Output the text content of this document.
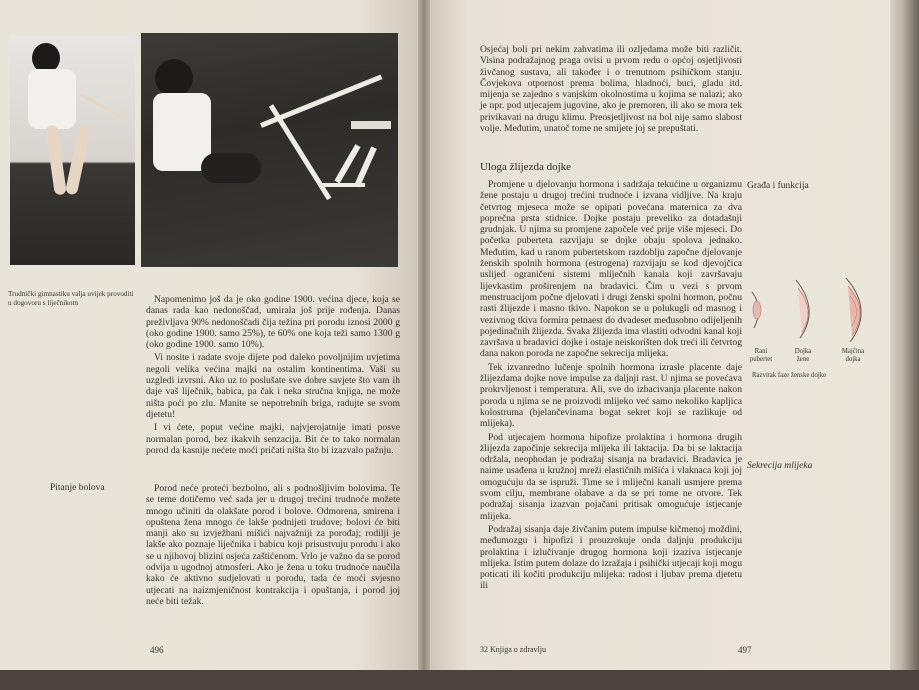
Trudnički gimnastiku valja uvijek provoditi u dogovoru s liječnikom	Napomenimo još da je oko godine 1900. većina djece, koja se danas rada kao nedonoščad, umirala još prije rođenja. Danas preživljava 90% nedonoščadi čija težina pri porodu iznosi 2000 g (oko godine 1900. samo 25%), te 60% one koja teži samo 1300 g (oko godine 1900. samo 10%).

Vi nosite i radate svoje dijete pod daleko povoljnijim uvjetima negoli velika većina majki na ostalim kontinentima. Vaši su uzgledi izvrsni. Ako uz to poslušate sve dobre savjete što vam ih daje vaš liječnik, babica, pa čak i neka stručna knjiga, ne može ništa poći po zlu. Manite se nepotrebnih briga, radujte se svom djetetu!

I vi ćete, poput većine majki, najvjerojatnije imati posve normalan porod, bez ikakvih senzacija. Bit će to tako normalan porod da kasnije nećete moći pričati ništa što bi izazvalo pažnju.

Pitanje bolova	Porod neće proteći bezbolno, ali s podnošljivim bolovima. Te se teme dotičemo već sada jer u drugoj trećini trudnoće možete mnogo učiniti da olakšate porod i bolove. Odmorena, smirena i opuštena žena mnogo će lakše podnijeti trudove; bolovi će biti manji ako su izvježbani mišići najvažniji za porođaj; rodilji je lakše ako poznaje liječnika i babicu koji prisustvuju porodu i ako se u njihovoj blizini osjeća zaštićenom. Vrlo je važno da se porod odvija u ugodnoj atmosferi. Ako je žena u toku trudnoće naučila kako će aktivno sudjelovati u porodu, tada će moći svjesno utjecati na naizmjeničnost kontrakcija i opuštanja, i porod joj neće biti težak.

496

Osjećaj boli pri nekim zahvatima ili ozljedama može biti različit. Visina podražajnog praga ovisi u prvom redu o općoj osjetljivosti živčanog sustava, ali također i o trenutnom psihičkom stanju. Čovjekova otpornost prema bolima, hladnoći, buci, gladu itd. mijenja se zajedno s vanjskim okolnostima u kojima se nalazi; ako je npr. pod utjecajem jugovine, ako je premoren, ili ako se mora tek privikavati na drugu klimu. Preosjetljivost na bol nije samo slabost volje. Međutim, unatoč tome ne smijete joj se prepuštati.

Uloga žlijezda dojke

Promjene u djelovanju hormona i sadržaja tekućine u organizmu žene postaju u drugoj trećini trudnoće i izvana vidljive. Na kraju četvrtog mjeseca može se opipati povećana maternica za dva poprečna prsta stidnice. Dojke postaju preveliko za dotadašnji grudnjak. U njima su promjene započele već prije više mjeseci. Do početka puberteta razvijaju se dojke obaju spolova jednako. Međutim, kad u ranom pubertetskom razdoblju započne djelovanje ženskih spolnih hormona (estrogena) razvijaju se kod djevojčica uslijed ograničeni sistemi mliječnih kanala koji završavaju lijevkastim proširenjem na bradavici. Čim u vezi s prvom menstruacijom počne djelovati i drugi ženski spolni hormon, počnu rasti žlijezde i masno tkivo. Napokon se u polukugli od masnog i vezivnog tkiva formira petnaest do dvadeset međusobno odijeljenih pojedinačnih žlijezda. Svaka žlijezda ima vlastiti odvodni kanal koji završava u bradavici dojke i ostaje neiskorišten dok treći ili četvrtog dana nakon poroda ne započne sekrecija mlijeka.

Tek izvanredno lučenje spolnih hormona izrasle placente daje žlijezdama dojke nove impulse za daljnji rast. U njima se povećava prokrvljenost i temperatura. Ali, sve do izbacivanja placente nakon poroda u njima se ne proizvodi mlijeko već samo nekoliko kapljica kolostruma (bjelančevinama bogat sekret koji se razlikuje od mlijeka).

Pod utjecajem hormona hipofize prolaktina i hormona drugih žlijezda započinje sekrecija mlijeka ili laktacija. Da bi se laktacija održala, neophodan je podražaj sisanja na bradavici. Bradavica je naime usađena u kružnoj mreži elastičnih mišića i vlaknaca koji joj omogućuju da se ispruži. Time se i mliječni kanali usmjere prema svom cilju, membrane olabave a da se pri tome ne otvore. Tek podražaj sisanja izazvan pojačani pritisak omogućuje istjecanje mlijeka.

Podražaj sisanja daje živčanim putem impulse kičmenoj moždini, međumozgu i hipofizi i prouzrokuje onda daljnju produkciju prolaktina i izlučivanje drugog hormona koji izaziva istjecanje mlijeka. Istim putem dolaze do izražaja i psihički utjecaji koji mogu poticati ili kočiti produkciju mlijeka: radost i ljubav prema djetetu ili

Građa i funkcija
Sekrecija mlijeka
32 Knjiga o zdravlju	497
Rani pubertet
Dojka žene
Majčina dojka
Razvitak faze ženske dojke
